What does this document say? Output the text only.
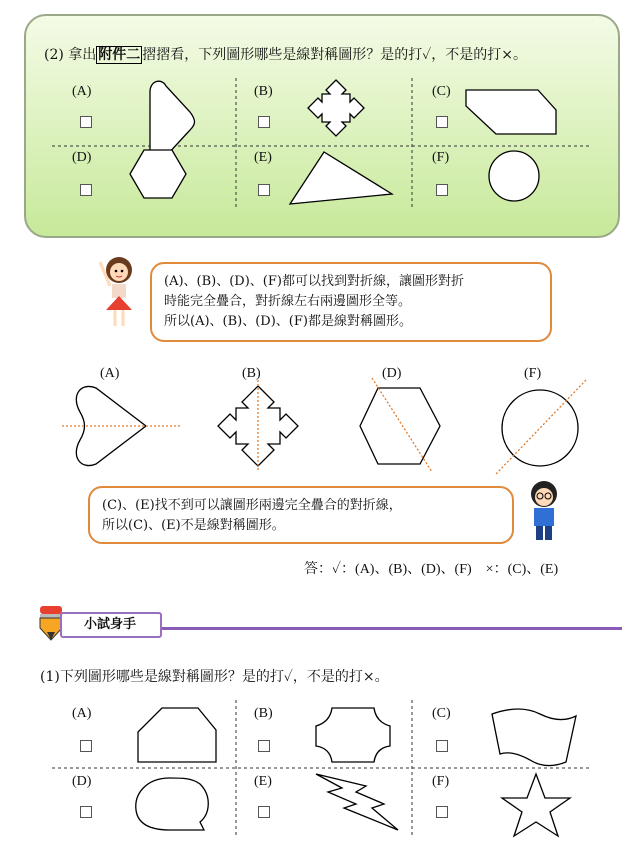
(2) 拿出 附件二 摺摺看，下列圖形哪些是線對稱圖形？是的打✓，不是的打×。
(A)	(B)	(C)
(D)	(E)	(F)
(A)、(B)、(D)、(F)都可以找到對折線，讓圖形對折
時能完全疊合，對折線左右兩邊圖形全等。
所以(A)、(B)、(D)、(F)都是線對稱圖形。
(A)	(B)	(D)	(F)
(C)、(E)找不到可以讓圖形兩邊完全疊合的對折線，
所以(C)、(E)不是線對稱圖形。
答：✓：(A)、(B)、(D)、(F)　×：(C)、(E)
小試身手
(1)下列圖形哪些是線對稱圖形？是的打✓，不是的打×。
(A)	(B)	(C)
(D)	(E)	(F)
